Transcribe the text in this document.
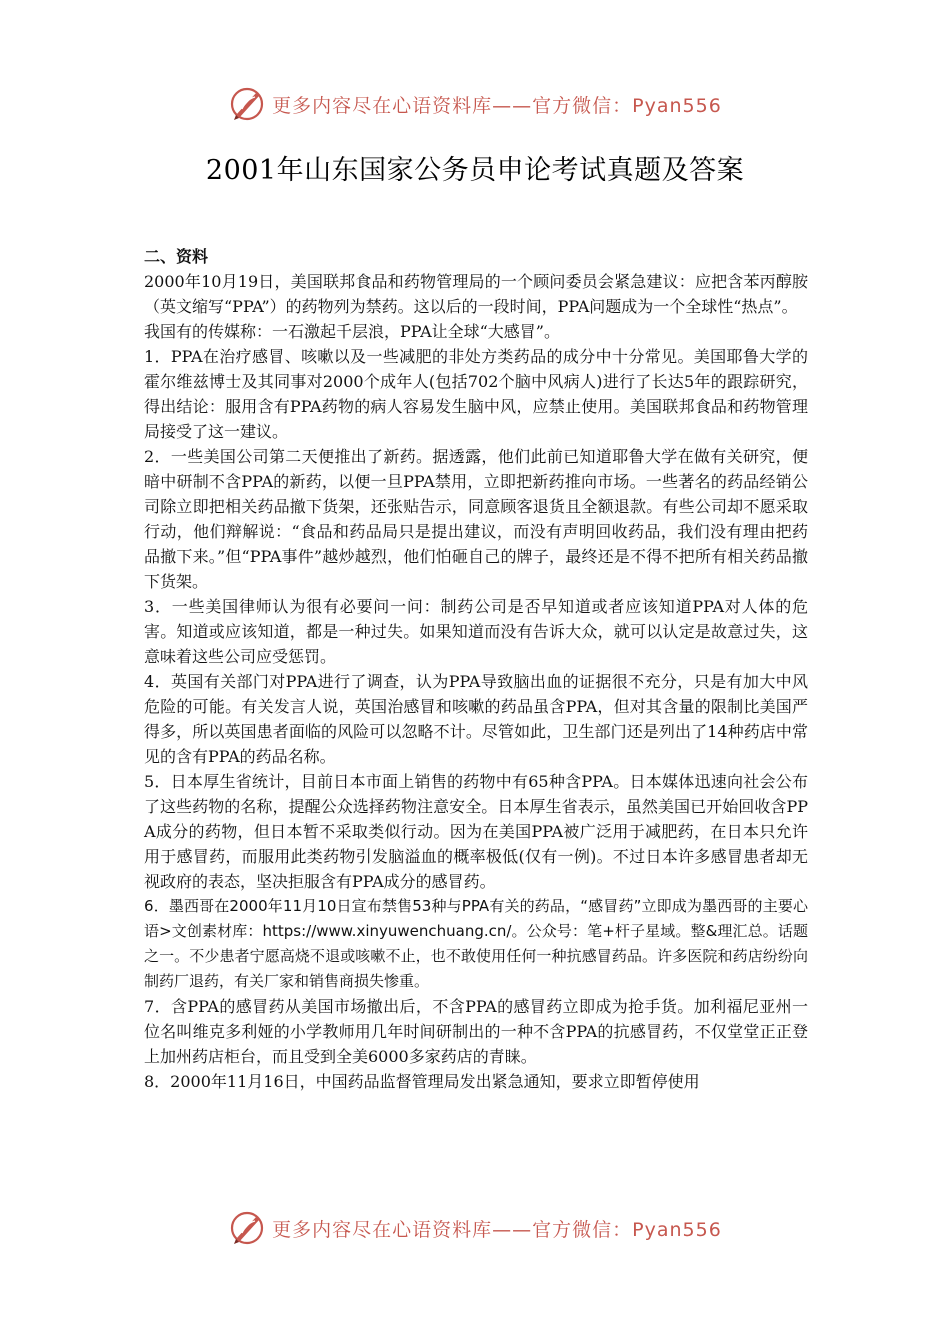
更多内容尽在心语资料库——官方微信：Pyan556
2001年山东国家公务员申论考试真题及答案

二、资料

2000年10月19日，美国联邦食品和药物管理局的一个顾问委员会紧急建议：应把含苯丙醇胺（英文缩写“PPA”）的药物列为禁药。这以后的一段时间，PPA问题成为一个全球性“热点”。

我国有的传媒称：一石激起千层浪，PPA让全球“大感冒”。

1．PPA在治疗感冒、咳嗽以及一些减肥的非处方类药品的成分中十分常见。美国耶鲁大学的霍尔维兹博士及其同事对2000个成年人(包括702个脑中风病人)进行了长达5年的跟踪研究，得出结论：服用含有PPA药物的病人容易发生脑中风，应禁止使用。美国联邦食品和药物管理局接受了这一建议。

2．一些美国公司第二天便推出了新药。据透露，他们此前已知道耶鲁大学在做有关研究，便暗中研制不含PPA的新药，以便一旦PPA禁用，立即把新药推向市场。一些著名的药品经销公司除立即把相关药品撤下货架，还张贴告示，同意顾客退货且全额退款。有些公司却不愿采取行动，他们辩解说：“食品和药品局只是提出建议，而没有声明回收药品，我们没有理由把药品撤下来。”但“PPA事件”越炒越烈，他们怕砸自己的牌子，最终还是不得不把所有相关药品撤下货架。

3．一些美国律师认为很有必要问一问：制药公司是否早知道或者应该知道PPA对人体的危害。知道或应该知道，都是一种过失。如果知道而没有告诉大众，就可以认定是故意过失，这意味着这些公司应受惩罚。

4．英国有关部门对PPA进行了调查，认为PPA导致脑出血的证据很不充分，只是有加大中风危险的可能。有关发言人说，英国治感冒和咳嗽的药品虽含PPA，但对其含量的限制比美国严得多，所以英国患者面临的风险可以忽略不计。尽管如此，卫生部门还是列出了14种药店中常见的含有PPA的药品名称。

5．日本厚生省统计，目前日本市面上销售的药物中有65种含PPA。日本媒体迅速向社会公布了这些药物的名称，提醒公众选择药物注意安全。日本厚生省表示，虽然美国已开始回收含PPA成分的药物，但日本暂不采取类似行动。因为在美国PPA被广泛用于减肥药，在日本只允许用于感冒药，而服用此类药物引发脑溢血的概率极低(仅有一例)。不过日本许多感冒患者却无视政府的表态，坚决拒服含有PPA成分的感冒药。

6．墨西哥在2000年11月10日宣布禁售53种与PPA有关的药品，“感冒药”立即成为墨西哥的主要心语>文创素材库：https://www.xinyuwenchuang.cn/。公众号：笔+杆子星域。整&理汇总。话题之一。不少患者宁愿高烧不退或咳嗽不止，也不敢使用任何一种抗感冒药品。许多医院和药店纷纷向制药厂退药，有关厂家和销售商损失惨重。

7．含PPA的感冒药从美国市场撤出后，不含PPA的感冒药立即成为抢手货。加利福尼亚州一位名叫维克多利娅的小学教师用几年时间研制出的一种不含PPA的抗感冒药，不仅堂堂正正登上加州药店柜台，而且受到全美6000多家药店的青睐。

8．2000年11月16日，中国药品监督管理局发出紧急通知，要求立即暂停使用

更多内容尽在心语资料库——官方微信：Pyan556
